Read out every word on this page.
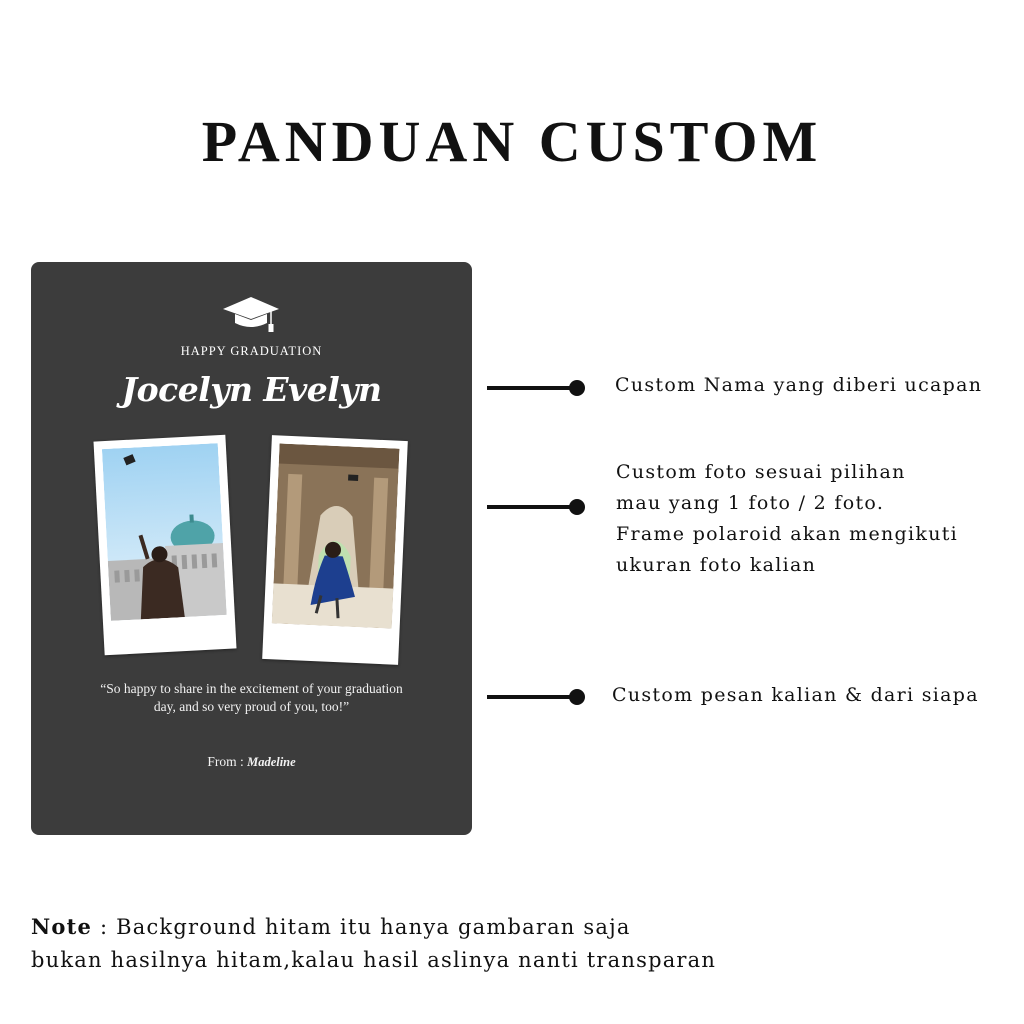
PANDUAN CUSTOM
HAPPY GRADUATION
Jocelyn Evelyn
“So happy to share in the excitement of your graduation day, and so very proud of you, too!”
From : Madeline
Custom Nama yang diberi ucapan
Custom foto sesuai pilihan
mau yang 1 foto / 2 foto.
Frame polaroid akan mengikuti
ukuran foto kalian
Custom pesan kalian & dari siapa
Note : Background hitam itu hanya gambaran saja
bukan hasilnya hitam,kalau hasil aslinya nanti transparan
